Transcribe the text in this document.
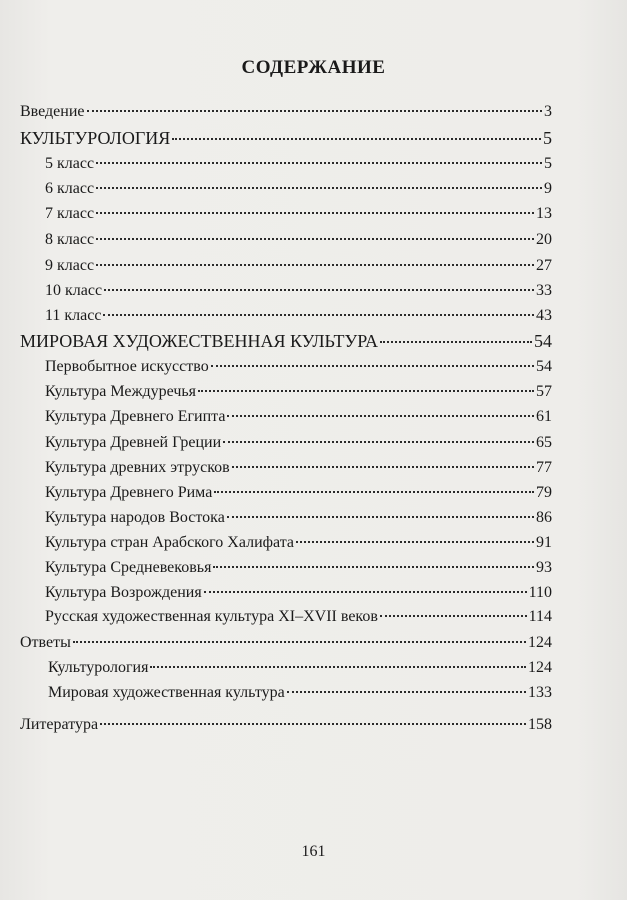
СОДЕРЖАНИЕ
Введение	3
КУЛЬТУРОЛОГИЯ	5
5 класс	5
6 класс	9
7 класс	13
8 класс	20
9 класс	27
10 класс	33
11 класс	43
МИРОВАЯ ХУДОЖЕСТВЕННАЯ КУЛЬТУРА	54
Первобытное искусство	54
Культура Междуречья	57
Культура Древнего Египта	61
Культура Древней Греции	65
Культура древних этрусков	77
Культура Древнего Рима	79
Культура народов Востока	86
Культура стран Арабского Халифата	91
Культура Средневековья	93
Культура Возрождения	110
Русская художественная культура XI–XVII веков	114
Ответы	124
Культурология	124
Мировая художественная культура	133
Литература	158
161
